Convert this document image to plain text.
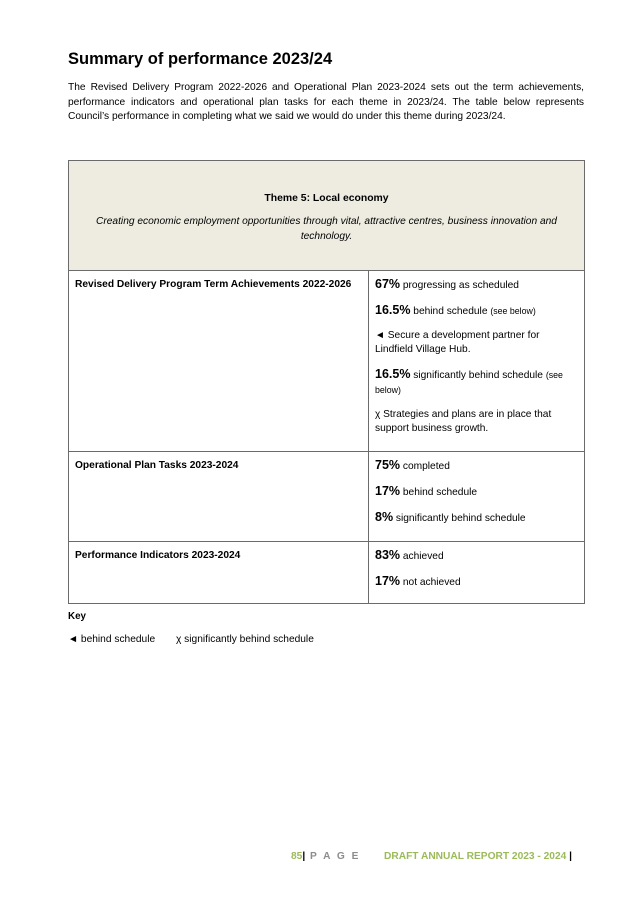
Summary of performance 2023/24

The Revised Delivery Program 2022-2026 and Operational Plan 2023-2024 sets out the term achievements, performance indicators and operational plan tasks for each theme in 2023/24. The table below represents Council’s performance in completing what we said we would do under this theme during 2023/24.

Theme 5: Local economy

Creating economic employment opportunities through vital, attractive centres, business innovation and technology.	

Revised Delivery Program Term Achievements 2022-2026	67% progressing as scheduled
16.5% behind schedule (see below)
◄ Secure a development partner for Lindfield Village Hub.
16.5% significantly behind schedule (see below)
χ Strategies and plans are in place that support business growth.

Operational Plan Tasks 2023-2024	75% completed
17% behind schedule
8% significantly behind schedule

Performance Indicators 2023-2024	83% achieved
17% not achieved

Key

◄ behind schedule χ significantly behind schedule
85| P A G E DRAFT ANNUAL REPORT 2023 - 2024 |
